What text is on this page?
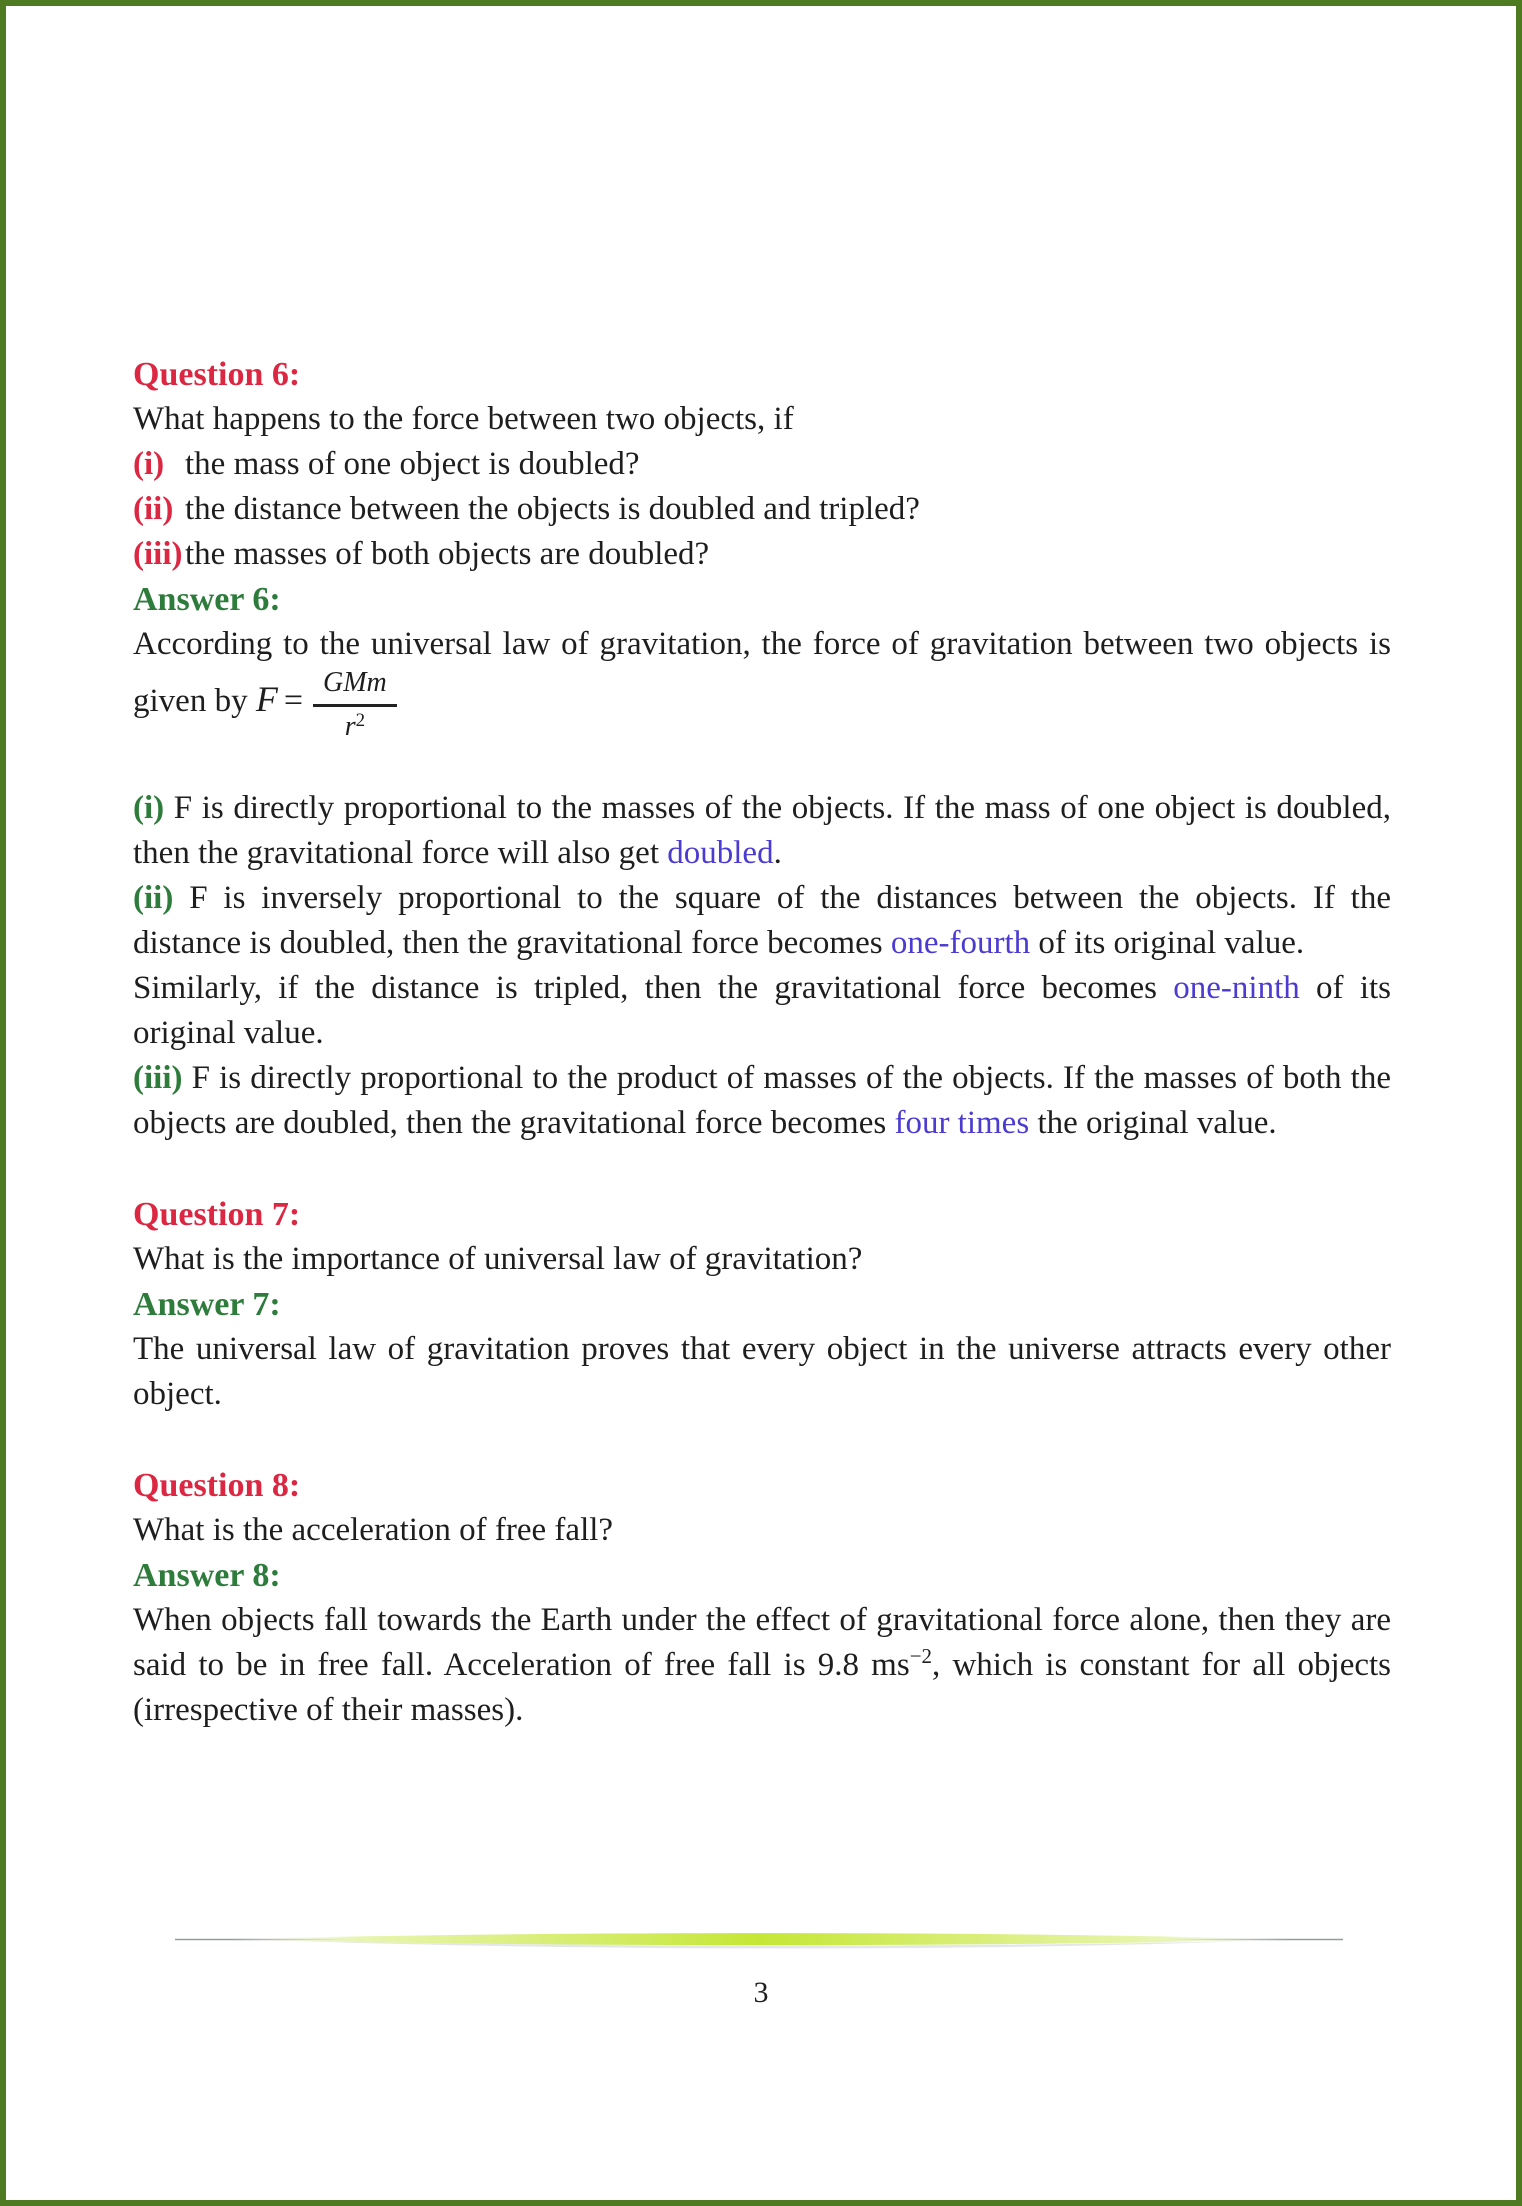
Question 6:
What happens to the force between two objects, if
(i) the mass of one object is doubled?
(ii) the distance between the objects is doubled and tripled?
(iii) the masses of both objects are doubled?
Answer 6:

According to the universal law of gravitation, the force of gravitation between two objects is given by $F = \frac{\text{GMm}}{r^2}$

(i) F is directly proportional to the masses of the objects. If the mass of one object is doubled, then the gravitational force will also get doubled.

(ii) F is inversely proportional to the square of the distances between the objects. If the distance is doubled, then the gravitational force becomes one-fourth of its original value.

Similarly, if the distance is tripled, then the gravitational force becomes one-ninth of its original value.

(iii) F is directly proportional to the product of masses of the objects. If the masses of both the objects are doubled, then the gravitational force becomes four times the original value.

Question 7:
What is the importance of universal law of gravitation?
Answer 7:

The universal law of gravitation proves that every object in the universe attracts every other object.

Question 8:
What is the acceleration of free fall?
Answer 8:

When objects fall towards the Earth under the effect of gravitational force alone, then they are said to be in free fall. Acceleration of free fall is 9.8 $ms^{-2}$, which is constant for all objects (irrespective of their masses).

3
